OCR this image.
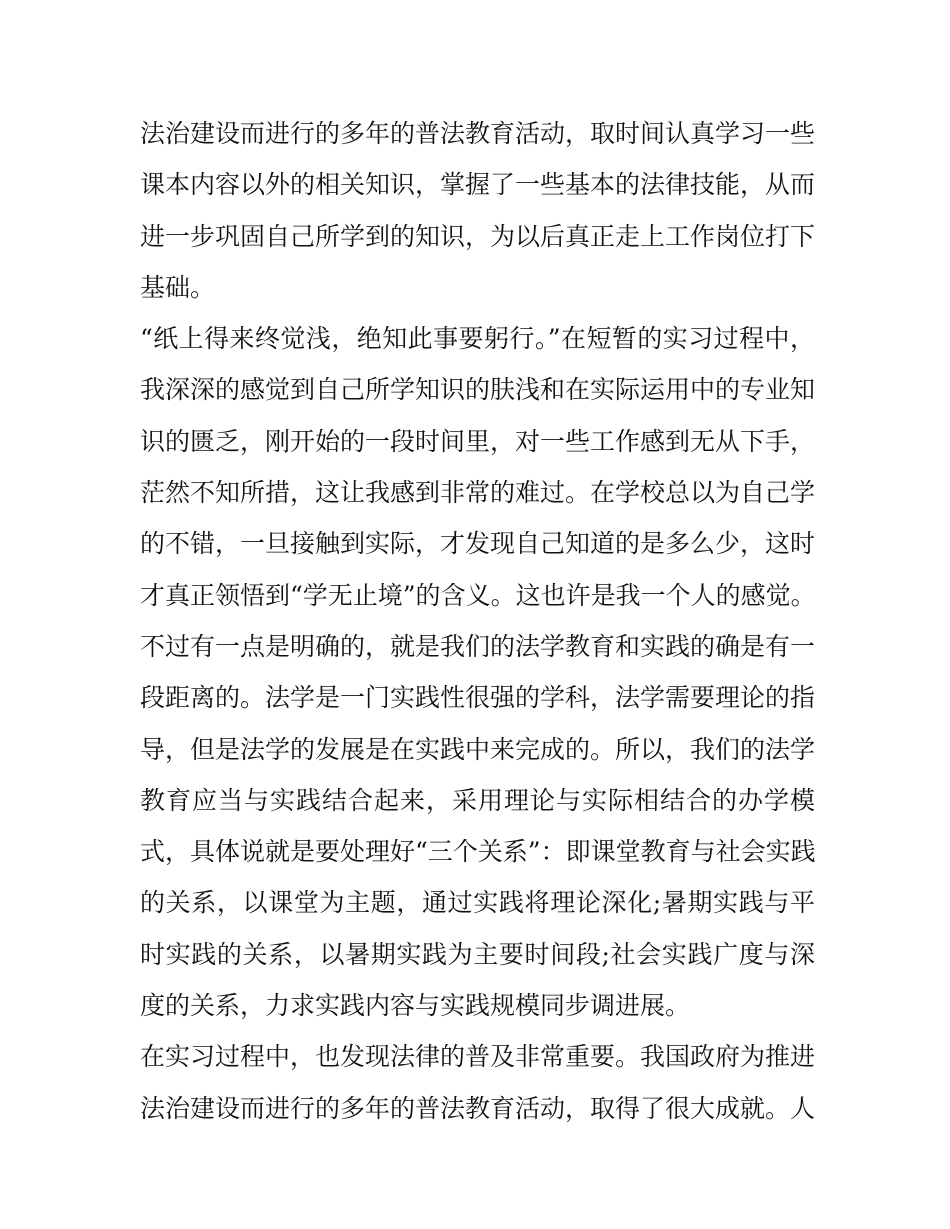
法治建设而进行的多年的普法教育活动，取时间认真学习一些
课本内容以外的相关知识，掌握了一些基本的法律技能，从而
进一步巩固自己所学到的知识，为以后真正走上工作岗位打下
基础。
“纸上得来终觉浅，绝知此事要躬行。”在短暂的实习过程中，
我深深的感觉到自己所学知识的肤浅和在实际运用中的专业知
识的匮乏，刚开始的一段时间里，对一些工作感到无从下手，
茫然不知所措，这让我感到非常的难过。在学校总以为自己学
的不错，一旦接触到实际，才发现自己知道的是多么少，这时
才真正领悟到“学无止境”的含义。这也许是我一个人的感觉。
不过有一点是明确的，就是我们的法学教育和实践的确是有一
段距离的。法学是一门实践性很强的学科，法学需要理论的指
导，但是法学的发展是在实践中来完成的。所以，我们的法学
教育应当与实践结合起来，采用理论与实际相结合的办学模
式，具体说就是要处理好“三个关系”：即课堂教育与社会实践
的关系，以课堂为主题，通过实践将理论深化;暑期实践与平
时实践的关系，以暑期实践为主要时间段;社会实践广度与深
度的关系，力求实践内容与实践规模同步调进展。
在实习过程中，也发现法律的普及非常重要。我国政府为推进
法治建设而进行的多年的普法教育活动，取得了很大成就。人
